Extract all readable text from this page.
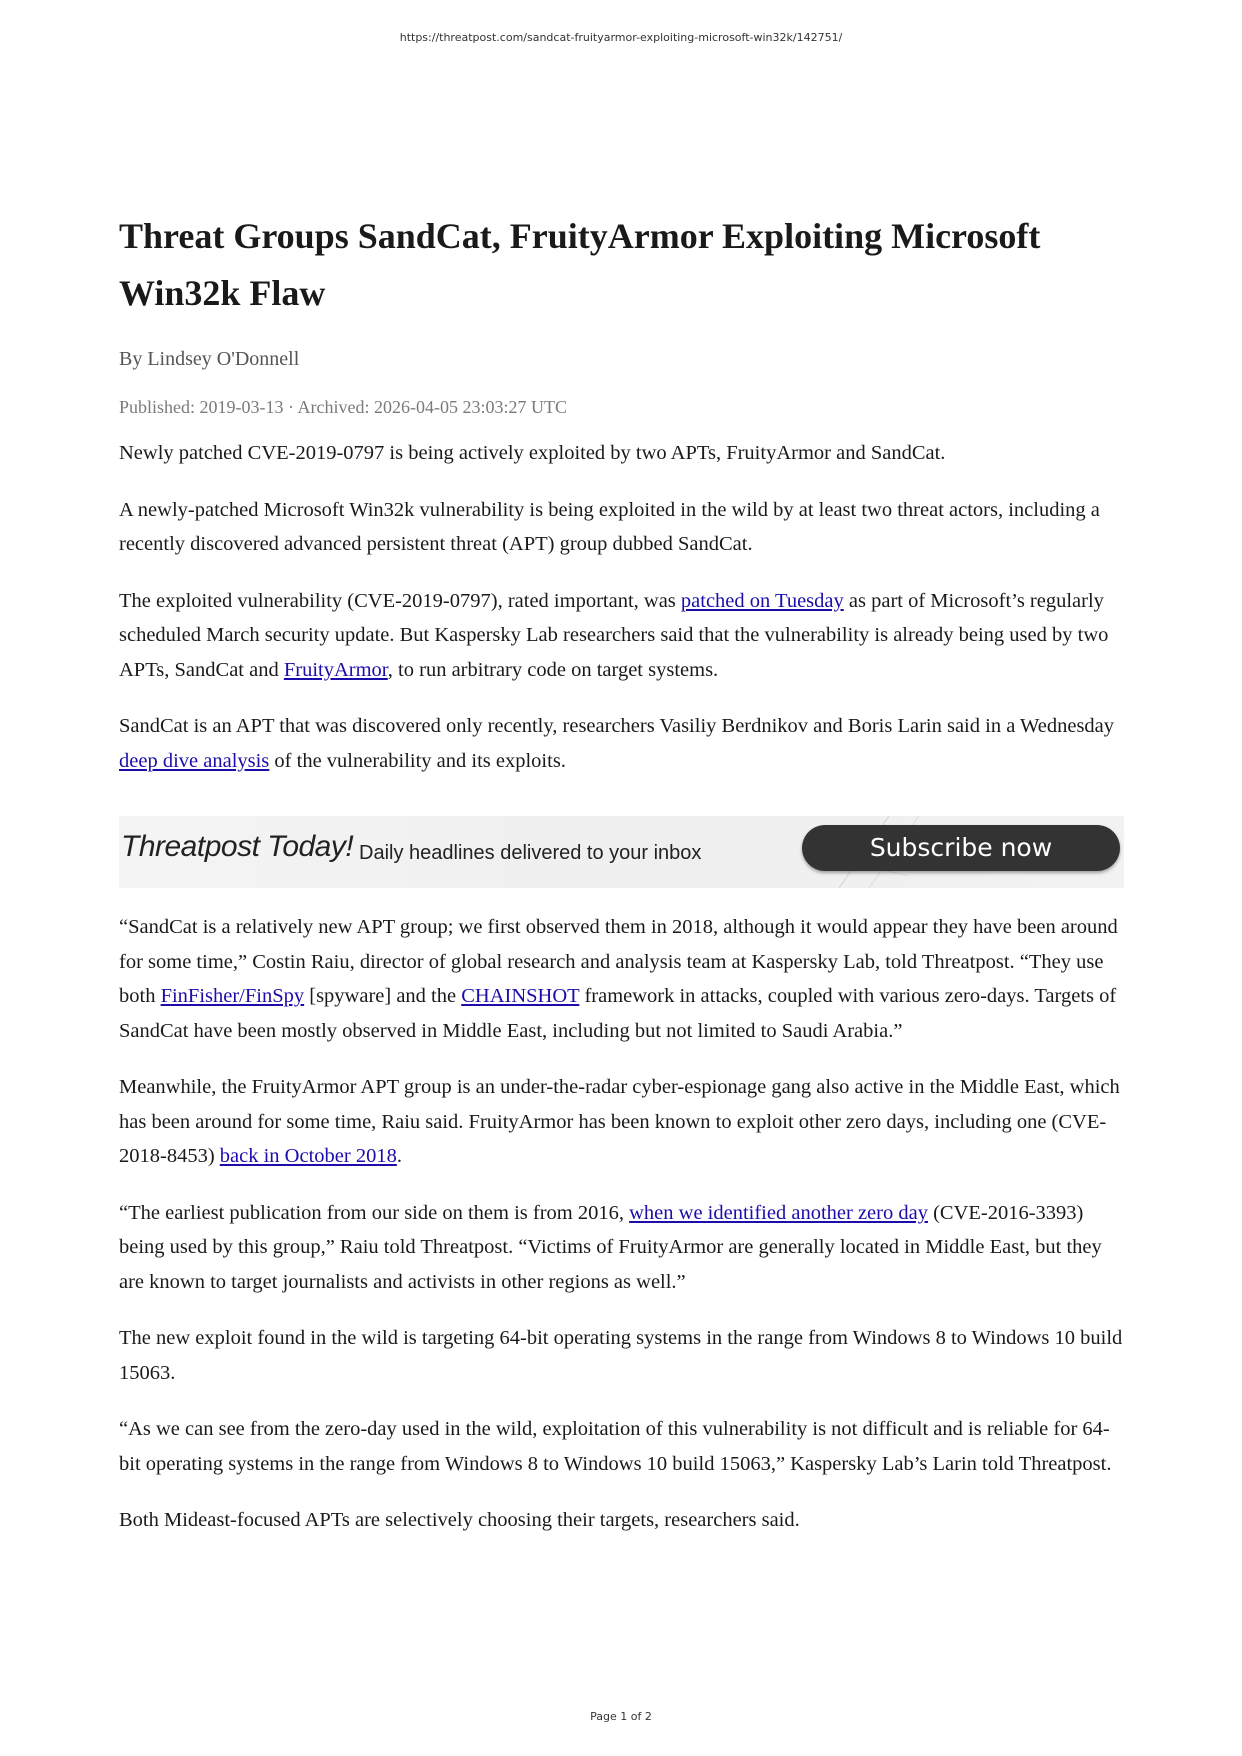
https://threatpost.com/sandcat-fruityarmor-exploiting-microsoft-win32k/142751/
Threat Groups SandCat, FruityArmor Exploiting Microsoft Win32k Flaw
By Lindsey O'Donnell
Published: 2019-03-13 · Archived: 2026-04-05 23:03:27 UTC

Newly patched CVE-2019-0797 is being actively exploited by two APTs, FruityArmor and SandCat.

A newly-patched Microsoft Win32k vulnerability is being exploited in the wild by at least two threat actors, including a recently discovered advanced persistent threat (APT) group dubbed SandCat.

The exploited vulnerability (CVE-2019-0797), rated important, was patched on Tuesday as part of Microsoft’s regularly scheduled March security update. But Kaspersky Lab researchers said that the vulnerability is already being used by two APTs, SandCat and FruityArmor, to run arbitrary code on target systems.

SandCat is an APT that was discovered only recently, researchers Vasiliy Berdnikov and Boris Larin said in a Wednesday deep dive analysis of the vulnerability and its exploits.

Threatpost Today! Daily headlines delivered to your inbox	Subscribe now

“SandCat is a relatively new APT group; we first observed them in 2018, although it would appear they have been around for some time,” Costin Raiu, director of global research and analysis team at Kaspersky Lab, told Threatpost. “They use both FinFisher/FinSpy [spyware] and the CHAINSHOT framework in attacks, coupled with various zero-days. Targets of SandCat have been mostly observed in Middle East, including but not limited to Saudi Arabia.”

Meanwhile, the FruityArmor APT group is an under-the-radar cyber-espionage gang also active in the Middle East, which has been around for some time, Raiu said. FruityArmor has been known to exploit other zero days, including one (CVE-2018-8453) back in October 2018.

“The earliest publication from our side on them is from 2016, when we identified another zero day (CVE-2016-3393) being used by this group,” Raiu told Threatpost. “Victims of FruityArmor are generally located in Middle East, but they are known to target journalists and activists in other regions as well.”

The new exploit found in the wild is targeting 64-bit operating systems in the range from Windows 8 to Windows 10 build 15063.

“As we can see from the zero-day used in the wild, exploitation of this vulnerability is not difficult and is reliable for 64-bit operating systems in the range from Windows 8 to Windows 10 build 15063,” Kaspersky Lab’s Larin told Threatpost.

Both Mideast-focused APTs are selectively choosing their targets, researchers said.

Page 1 of 2
